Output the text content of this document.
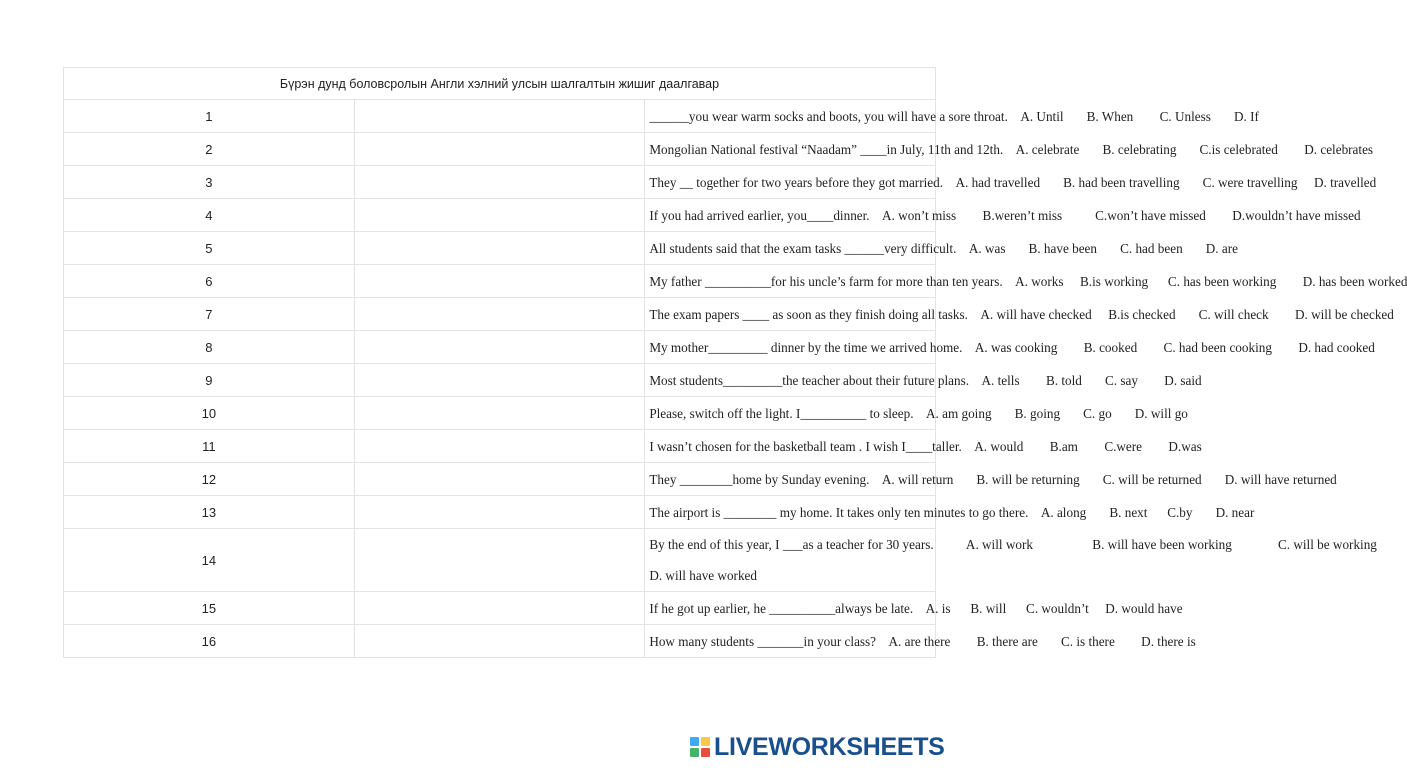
Бүрэн дунд боловсролын Англи хэлний улсын шалгалтын жишиг даалгавар		
1		______you wear warm socks and boots, you will have a sore throat.    A. Until       B. When        C. Unless       D. If

2		Mongolian National festival “Naadam” ____in July, 11th and 12th.    A. celebrate       B. celebrating       C.is celebrated        D. celebrates

3		They __ together for two years before they got married.    A. had travelled       B. had been travelling       C. were travelling     D. travelled

4		If you had arrived earlier, you____dinner.    A. won’t miss        B.weren’t miss          C.won’t have missed        D.wouldn’t have missed

5		All students said that the exam tasks ______very difficult.    A. was       B. have been       C. had been       D. are

6		My father __________for his uncle’s farm for more than ten years.    A. works     B.is working      C. has been working        D. has been worked

7		The exam papers ____ as soon as they finish doing all tasks.    A. will have checked     B.is checked       C. will check        D. will be checked

8		My mother_________ dinner by the time we arrived home.    A. was cooking        B. cooked        C. had been cooking        D. had cooked

9		Most students_________the teacher about their future plans.    A. tells        B. told       C. say        D. said

10		Please, switch off the light. I__________ to sleep.    A. am going       B. going       C. go       D. will go

11		I wasn’t chosen for the basketball team . I wish I____taller.    A. would        B.am        C.were        D.was

12		They ________home by Sunday evening.    A. will return       B. will be returning       C. will be returned       D. will have returned

13		The airport is ________ my home. It takes only ten minutes to go there.    A. along       B. next      C.by       D. near

14		By the end of this year, I ___as a teacher for 30 years.          A. will work                  B. will have been working              C. will be working
D. will have worked

15		If he got up earlier, he __________always be late.    A. is      B. will      C. wouldn’t     D. would have

16		How many students _______in your class?    A. are there        B. there are       C. is there        D. there is
LIVEWORKSHEETS
